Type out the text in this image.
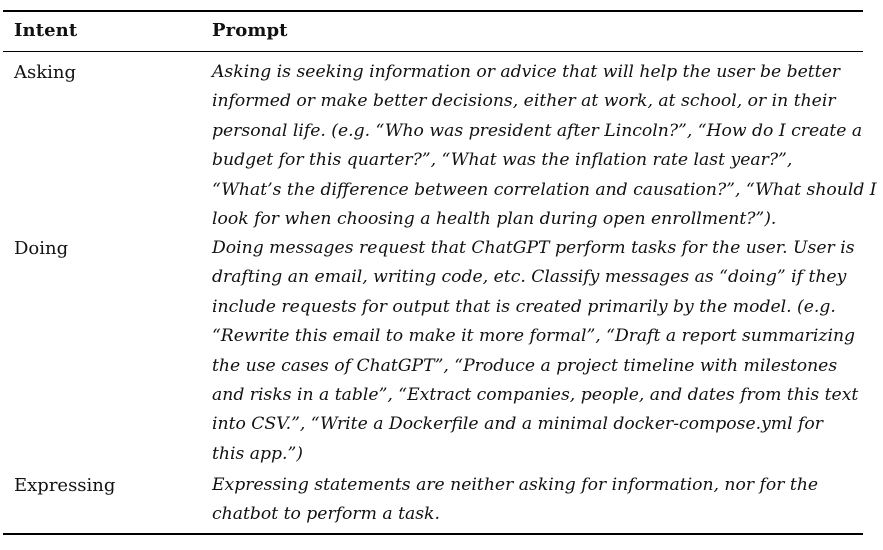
Intent	Prompt
Asking	Asking is seeking information or advice that will help the user be better
informed or make better decisions, either at work, at school, or in their
personal life. (e.g. “Who was president after Lincoln?”, “How do I create a
budget for this quarter?”, “What was the inflation rate last year?”,
“What’s the difference between correlation and causation?”, “What should I
look for when choosing a health plan during open enrollment?”).
Doing	Doing messages request that ChatGPT perform tasks for the user. User is
drafting an email, writing code, etc. Classify messages as “doing” if they
include requests for output that is created primarily by the model. (e.g.
“Rewrite this email to make it more formal”, “Draft a report summarizing
the use cases of ChatGPT”, “Produce a project timeline with milestones
and risks in a table”, “Extract companies, people, and dates from this text
into CSV.”, “Write a Dockerfile and a minimal docker-compose.yml for
this app.”)
Expressing	Expressing statements are neither asking for information, nor for the
chatbot to perform a task.
